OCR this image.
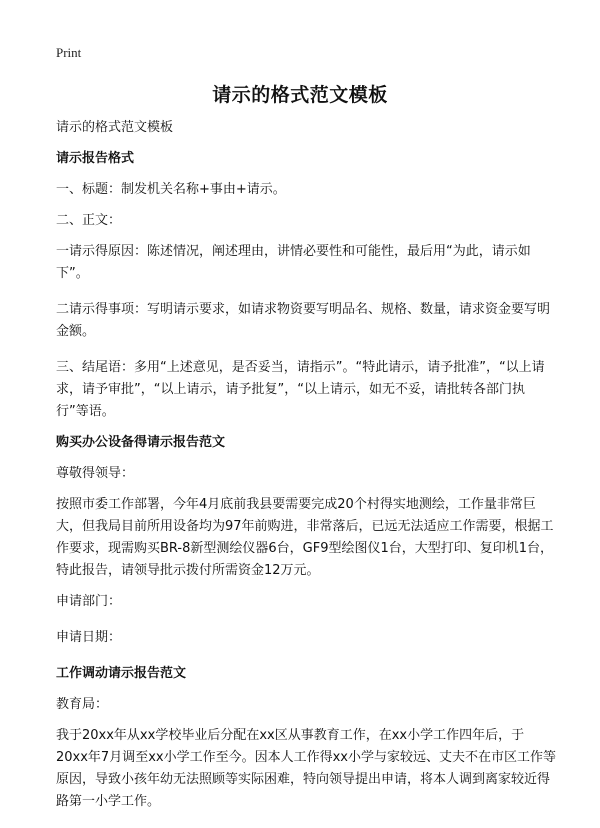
Print
请示的格式范文模板

请示的格式范文模板

请示报告格式

一、标题：制发机关名称+事由+请示。

二、正文：

一请示得原因：陈述情况，阐述理由，讲情必要性和可能性，最后用“为此，请示如下”。

二请示得事项：写明请示要求，如请求物资要写明品名、规格、数量，请求资金要写明金额。

三、结尾语：多用“上述意见，是否妥当，请指示”。“特此请示，请予批准”，“以上请求，请予审批”，“以上请示，请予批复”，“以上请示，如无不妥，请批转各部门执行”等语。

购买办公设备得请示报告范文

尊敬得领导：

按照市委工作部署，今年4月底前我县要需要完成20个村得实地测绘，工作量非常巨大，但我局目前所用设备均为97年前购进，非常落后，已远无法适应工作需要，根据工作要求，现需购买BR-8新型测绘仪器6台，GF9型绘图仪1台，大型打印、复印机1台，特此报告，请领导批示拨付所需资金12万元。

申请部门：

申请日期：

工作调动请示报告范文

教育局：

我于20xx年从xx学校毕业后分配在xx区从事教育工作，在xx小学工作四年后，于20xx年7月调至xx小学工作至今。因本人工作得xx小学与家较远、丈夫不在市区工作等原因，导致小孩年幼无法照顾等实际困难，特向领导提出申请，将本人调到离家较近得路第一小学工作。
